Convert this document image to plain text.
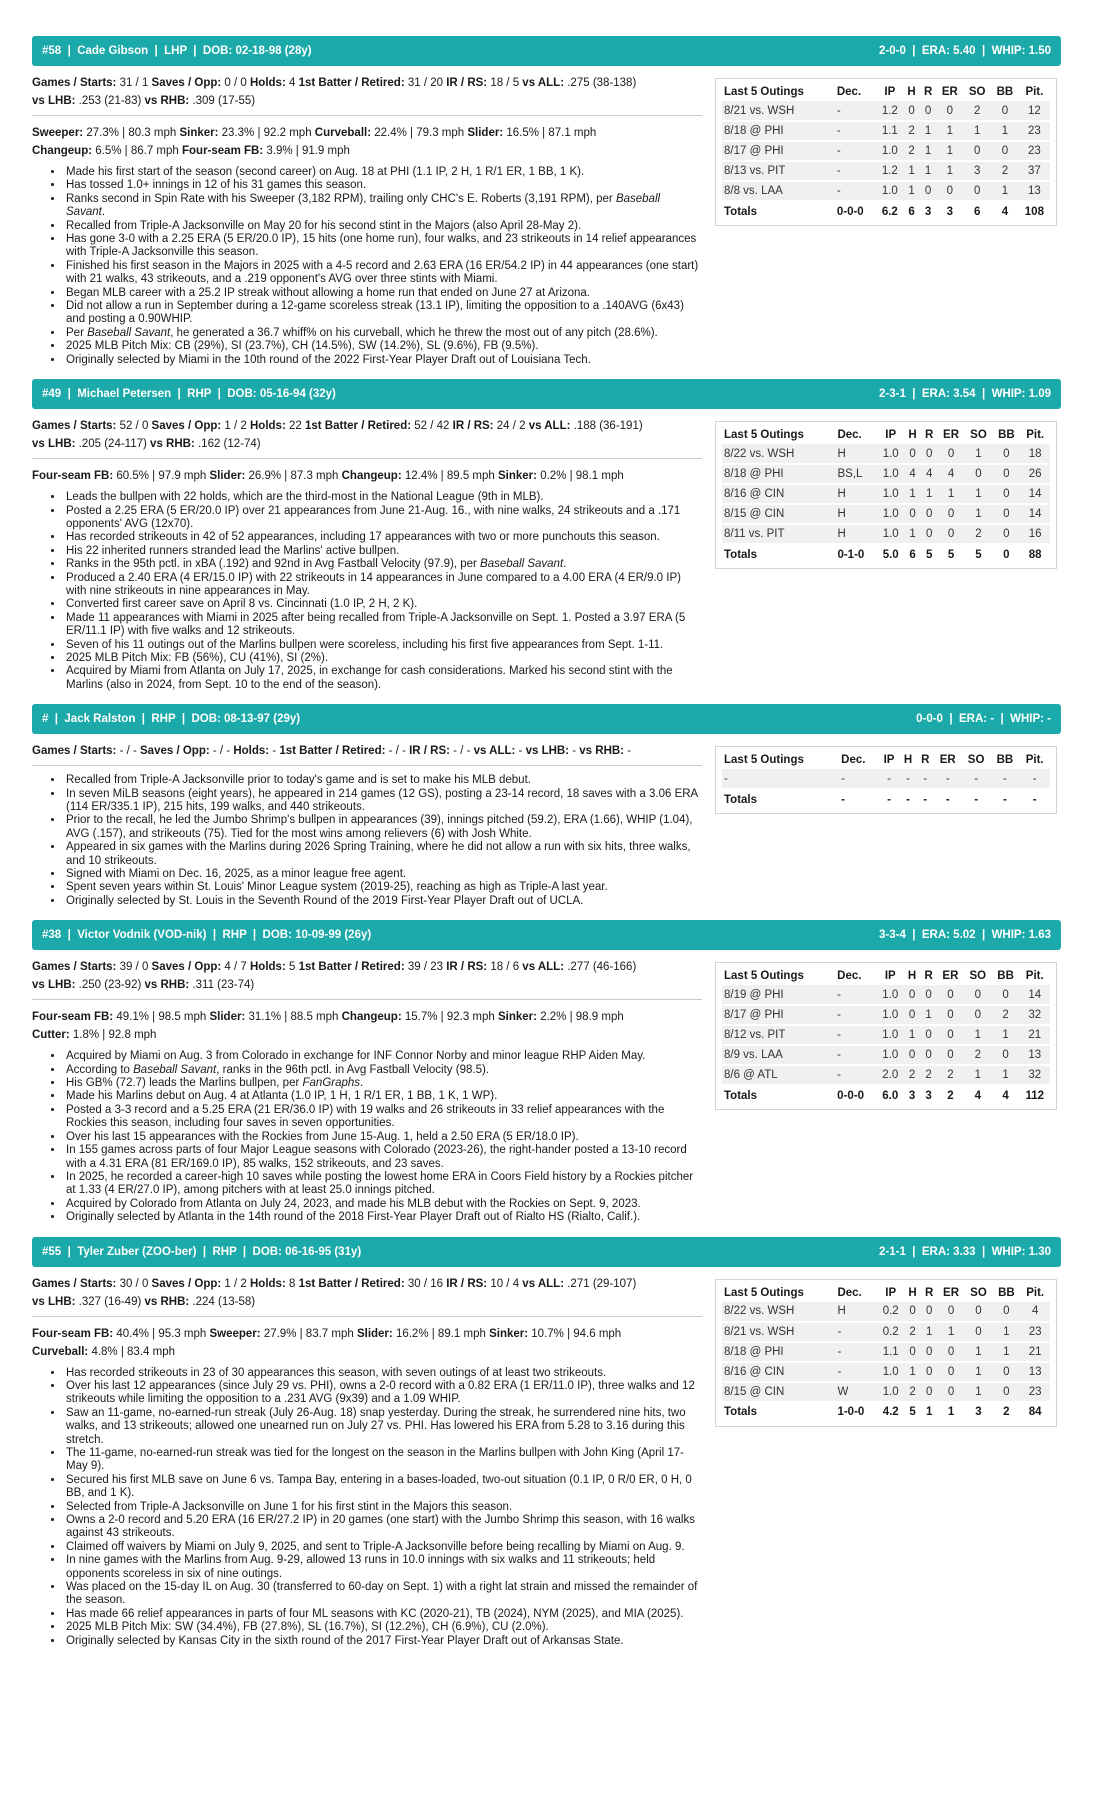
#58  |  Cade Gibson  |  LHP  |  DOB: 02-18-98 (28y)	2-0-0  |  ERA: 5.40  |  WHIP: 1.50
Games / Starts: 31 / 1 Saves / Opp: 0 / 0 Holds: 4 1st Batter / Retired: 31 / 20 IR / RS: 18 / 5 vs ALL: .275 (38-138)
vs LHB: .253 (21-83) vs RHB: .309 (17-55)
Sweeper: 27.3% | 80.3 mph Sinker: 23.3% | 92.2 mph Curveball: 22.4% | 79.3 mph Slider: 16.5% | 87.1 mph
Changeup: 6.5% | 86.7 mph Four-seam FB: 3.9% | 91.9 mph
• Made his first start of the season (second career) on Aug. 18 at PHI (1.1 IP, 2 H, 1 R/1 ER, 1 BB, 1 K).
• Has tossed 1.0+ innings in 12 of his 31 games this season.
• Ranks second in Spin Rate with his Sweeper (3,182 RPM), trailing only CHC's E. Roberts (3,191 RPM), per Baseball Savant.
• Recalled from Triple-A Jacksonville on May 20 for his second stint in the Majors (also April 28-May 2).
• Has gone 3-0 with a 2.25 ERA (5 ER/20.0 IP), 15 hits (one home run), four walks, and 23 strikeouts in 14 relief appearances with Triple-A Jacksonville this season.
• Finished his first season in the Majors in 2025 with a 4-5 record and 2.63 ERA (16 ER/54.2 IP) in 44 appearances (one start) with 21 walks, 43 strikeouts, and a .219 opponent's AVG over three stints with Miami.
• Began MLB career with a 25.2 IP streak without allowing a home run that ended on June 27 at Arizona.
• Did not allow a run in September during a 12-game scoreless streak (13.1 IP), limiting the opposition to a .140AVG (6x43) and posting a 0.90WHIP.
• Per Baseball Savant, he generated a 36.7 whiff% on his curveball, which he threw the most out of any pitch (28.6%).
• 2025 MLB Pitch Mix: CB (29%), SI (23.7%), CH (14.5%), SW (14.2%), SL (9.6%), FB (9.5%).
• Originally selected by Miami in the 10th round of the 2022 First-Year Player Draft out of Louisiana Tech.
Last 5 Outings	Dec.	IP	H	R	ER	SO	BB	Pit.
8/21 vs. WSH	-	1.2	0	0	0	2	0	12
8/18 @ PHI	-	1.1	2	1	1	1	1	23
8/17 @ PHI	-	1.0	2	1	1	0	0	23
8/13 vs. PIT	-	1.2	1	1	1	3	2	37
8/8 vs. LAA	-	1.0	1	0	0	0	1	13
Totals	0-0-0	6.2	6	3	3	6	4	108
#49  |  Michael Petersen  |  RHP  |  DOB: 05-16-94 (32y)	2-3-1  |  ERA: 3.54  |  WHIP: 1.09
Games / Starts: 52 / 0 Saves / Opp: 1 / 2 Holds: 22 1st Batter / Retired: 52 / 42 IR / RS: 24 / 2 vs ALL: .188 (36-191)
vs LHB: .205 (24-117) vs RHB: .162 (12-74)
Four-seam FB: 60.5% | 97.9 mph Slider: 26.9% | 87.3 mph Changeup: 12.4% | 89.5 mph Sinker: 0.2% | 98.1 mph
• Leads the bullpen with 22 holds, which are the third-most in the National League (9th in MLB).
• Posted a 2.25 ERA (5 ER/20.0 IP) over 21 appearances from June 21-Aug. 16., with nine walks, 24 strikeouts and a .171 opponents' AVG (12x70).
• Has recorded strikeouts in 42 of 52 appearances, including 17 appearances with two or more punchouts this season.
• His 22 inherited runners stranded lead the Marlins' active bullpen.
• Ranks in the 95th pctl. in xBA (.192) and 92nd in Avg Fastball Velocity (97.9), per Baseball Savant.
• Produced a 2.40 ERA (4 ER/15.0 IP) with 22 strikeouts in 14 appearances in June compared to a 4.00 ERA (4 ER/9.0 IP) with nine strikeouts in nine appearances in May.
• Converted first career save on April 8 vs. Cincinnati (1.0 IP, 2 H, 2 K).
• Made 11 appearances with Miami in 2025 after being recalled from Triple-A Jacksonville on Sept. 1. Posted a 3.97 ERA (5 ER/11.1 IP) with five walks and 12 strikeouts.
• Seven of his 11 outings out of the Marlins bullpen were scoreless, including his first five appearances from Sept. 1-11.
• 2025 MLB Pitch Mix: FB (56%), CU (41%), SI (2%).
• Acquired by Miami from Atlanta on July 17, 2025, in exchange for cash considerations. Marked his second stint with the Marlins (also in 2024, from Sept. 10 to the end of the season).
Last 5 Outings	Dec.	IP	H	R	ER	SO	BB	Pit.
8/22 vs. WSH	H	1.0	0	0	0	1	0	18
8/18 @ PHI	BS,L	1.0	4	4	4	0	0	26
8/16 @ CIN	H	1.0	1	1	1	1	0	14
8/15 @ CIN	H	1.0	0	0	0	1	0	14
8/11 vs. PIT	H	1.0	1	0	0	2	0	16
Totals	0-1-0	5.0	6	5	5	5	0	88
#  |  Jack Ralston  |  RHP  |  DOB: 08-13-97 (29y)	0-0-0  |  ERA: -  |  WHIP: -
Games / Starts: - / - Saves / Opp: - / - Holds: - 1st Batter / Retired: - / - IR / RS: - / - vs ALL: - vs LHB: - vs RHB: -
• Recalled from Triple-A Jacksonville prior to today's game and is set to make his MLB debut.
• In seven MiLB seasons (eight years), he appeared in 214 games (12 GS), posting a 23-14 record, 18 saves with a 3.06 ERA (114 ER/335.1 IP), 215 hits, 199 walks, and 440 strikeouts.
• Prior to the recall, he led the Jumbo Shrimp's bullpen in appearances (39), innings pitched (59.2), ERA (1.66), WHIP (1.04), AVG (.157), and strikeouts (75). Tied for the most wins among relievers (6) with Josh White.
• Appeared in six games with the Marlins during 2026 Spring Training, where he did not allow a run with six hits, three walks, and 10 strikeouts.
• Signed with Miami on Dec. 16, 2025, as a minor league free agent.
• Spent seven years within St. Louis' Minor League system (2019-25), reaching as high as Triple-A last year.
• Originally selected by St. Louis in the Seventh Round of the 2019 First-Year Player Draft out of UCLA.
Last 5 Outings	Dec.	IP	H	R	ER	SO	BB	Pit.
-	-	-	-	-	-	-	-	-
Totals	-	-	-	-	-	-	-	-
#38  |  Victor Vodnik (VOD-nik)  |  RHP  |  DOB: 10-09-99 (26y)	3-3-4  |  ERA: 5.02  |  WHIP: 1.63
Games / Starts: 39 / 0 Saves / Opp: 4 / 7 Holds: 5 1st Batter / Retired: 39 / 23 IR / RS: 18 / 6 vs ALL: .277 (46-166)
vs LHB: .250 (23-92) vs RHB: .311 (23-74)
Four-seam FB: 49.1% | 98.5 mph Slider: 31.1% | 88.5 mph Changeup: 15.7% | 92.3 mph Sinker: 2.2% | 98.9 mph
Cutter: 1.8% | 92.8 mph
• Acquired by Miami on Aug. 3 from Colorado in exchange for INF Connor Norby and minor league RHP Aiden May.
• According to Baseball Savant, ranks in the 96th pctl. in Avg Fastball Velocity (98.5).
• His GB% (72.7) leads the Marlins bullpen, per FanGraphs.
• Made his Marlins debut on Aug. 4 at Atlanta (1.0 IP, 1 H, 1 R/1 ER, 1 BB, 1 K, 1 WP).
• Posted a 3-3 record and a 5.25 ERA (21 ER/36.0 IP) with 19 walks and 26 strikeouts in 33 relief appearances with the Rockies this season, including four saves in seven opportunities.
• Over his last 15 appearances with the Rockies from June 15-Aug. 1, held a 2.50 ERA (5 ER/18.0 IP).
• In 155 games across parts of four Major League seasons with Colorado (2023-26), the right-hander posted a 13-10 record with a 4.31 ERA (81 ER/169.0 IP), 85 walks, 152 strikeouts, and 23 saves.
• In 2025, he recorded a career-high 10 saves while posting the lowest home ERA in Coors Field history by a Rockies pitcher at 1.33 (4 ER/27.0 IP), among pitchers with at least 25.0 innings pitched.
• Acquired by Colorado from Atlanta on July 24, 2023, and made his MLB debut with the Rockies on Sept. 9, 2023.
• Originally selected by Atlanta in the 14th round of the 2018 First-Year Player Draft out of Rialto HS (Rialto, Calif.).
Last 5 Outings	Dec.	IP	H	R	ER	SO	BB	Pit.
8/19 @ PHI	-	1.0	0	0	0	0	0	14
8/17 @ PHI	-	1.0	0	1	0	0	2	32
8/12 vs. PIT	-	1.0	1	0	0	1	1	21
8/9 vs. LAA	-	1.0	0	0	0	2	0	13
8/6 @ ATL	-	2.0	2	2	2	1	1	32
Totals	0-0-0	6.0	3	3	2	4	4	112
#55  |  Tyler Zuber (ZOO-ber)  |  RHP  |  DOB: 06-16-95 (31y)	2-1-1  |  ERA: 3.33  |  WHIP: 1.30
Games / Starts: 30 / 0 Saves / Opp: 1 / 2 Holds: 8 1st Batter / Retired: 30 / 16 IR / RS: 10 / 4 vs ALL: .271 (29-107)
vs LHB: .327 (16-49) vs RHB: .224 (13-58)
Four-seam FB: 40.4% | 95.3 mph Sweeper: 27.9% | 83.7 mph Slider: 16.2% | 89.1 mph Sinker: 10.7% | 94.6 mph
Curveball: 4.8% | 83.4 mph
• Has recorded strikeouts in 23 of 30 appearances this season, with seven outings of at least two strikeouts.
• Over his last 12 appearances (since July 29 vs. PHI), owns a 2-0 record with a 0.82 ERA (1 ER/11.0 IP), three walks and 12 strikeouts while limiting the opposition to a .231 AVG (9x39) and a 1.09 WHIP.
• Saw an 11-game, no-earned-run streak (July 26-Aug. 18) snap yesterday. During the streak, he surrendered nine hits, two walks, and 13 strikeouts; allowed one unearned run on July 27 vs. PHI. Has lowered his ERA from 5.28 to 3.16 during this stretch.
• The 11-game, no-earned-run streak was tied for the longest on the season in the Marlins bullpen with John King (April 17-May 9).
• Secured his first MLB save on June 6 vs. Tampa Bay, entering in a bases-loaded, two-out situation (0.1 IP, 0 R/0 ER, 0 H, 0 BB, and 1 K).
• Selected from Triple-A Jacksonville on June 1 for his first stint in the Majors this season.
• Owns a 2-0 record and 5.20 ERA (16 ER/27.2 IP) in 20 games (one start) with the Jumbo Shrimp this season, with 16 walks against 43 strikeouts.
• Claimed off waivers by Miami on July 9, 2025, and sent to Triple-A Jacksonville before being recalling by Miami on Aug. 9.
• In nine games with the Marlins from Aug. 9-29, allowed 13 runs in 10.0 innings with six walks and 11 strikeouts; held opponents scoreless in six of nine outings.
• Was placed on the 15-day IL on Aug. 30 (transferred to 60-day on Sept. 1) with a right lat strain and missed the remainder of the season.
• Has made 66 relief appearances in parts of four ML seasons with KC (2020-21), TB (2024), NYM (2025), and MIA (2025).
• 2025 MLB Pitch Mix: SW (34.4%), FB (27.8%), SL (16.7%), SI (12.2%), CH (6.9%), CU (2.0%).
• Originally selected by Kansas City in the sixth round of the 2017 First-Year Player Draft out of Arkansas State.
Last 5 Outings	Dec.	IP	H	R	ER	SO	BB	Pit.
8/22 vs. WSH	H	0.2	0	0	0	0	0	4
8/21 vs. WSH	-	0.2	2	1	1	0	1	23
8/18 @ PHI	-	1.1	0	0	0	1	1	21
8/16 @ CIN	-	1.0	1	0	0	1	0	13
8/15 @ CIN	W	1.0	2	0	0	1	0	23
Totals	1-0-0	4.2	5	1	1	3	2	84
